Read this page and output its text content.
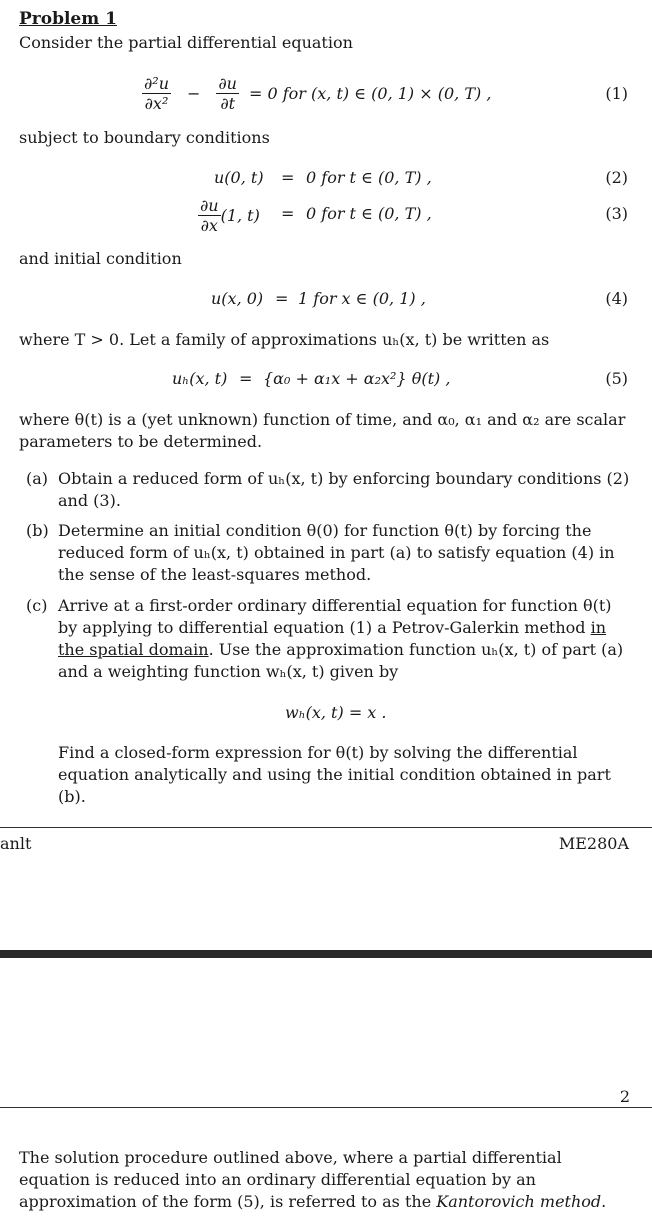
Problem 1
Consider the partial differential equation
$\frac{\text{∂²u}}{\text{∂x²}} - \frac{\partial u}{\partial t} = 0$ for (x, t) ∈ (0, 1) × (0, T) ,	(1)
subject to boundary conditions
u(0, t) = 0 for t ∈ (0, T) ,	(2)
$\frac{\partial u}{\partial x} (1$, t) = 0 for t ∈ (0, T) ,	(3)
and initial condition
u(x, 0) = 1 for x ∈ (0, 1) ,	(4)
where T > 0. Let a family of approximations uₕ(x, t) be written as
uₕ(x, t) = {α₀ + α₁x + α₂x²} θ(t) ,	(5)
where θ(t) is a (yet unknown) function of time, and α₀, α₁ and α₂ are scalar parameters to be determined.
(a) Obtain a reduced form of uₕ(x, t) by enforcing boundary conditions (2) and (3).
(b) Determine an initial condition θ(0) for function θ(t) by forcing the reduced form of uₕ(x, t) obtained in part (a) to satisfy equation (4) in the sense of the least-squares method.
(c) Arrive at a first-order ordinary differential equation for function θ(t) by applying to differential equation (1) a Petrov-Galerkin method in the spatial domain. Use the approximation function uₕ(x, t) of part (a) and a weighting function wₕ(x, t) given by
wₕ(x, t) = x .
Find a closed-form expression for θ(t) by solving the differential equation analytically and using the initial condition obtained in part (b).
anlt	ME280A
2
The solution procedure outlined above, where a partial differential equation is reduced into an ordinary differential equation by an approximation of the form (5), is referred to as the Kantorovich method.
